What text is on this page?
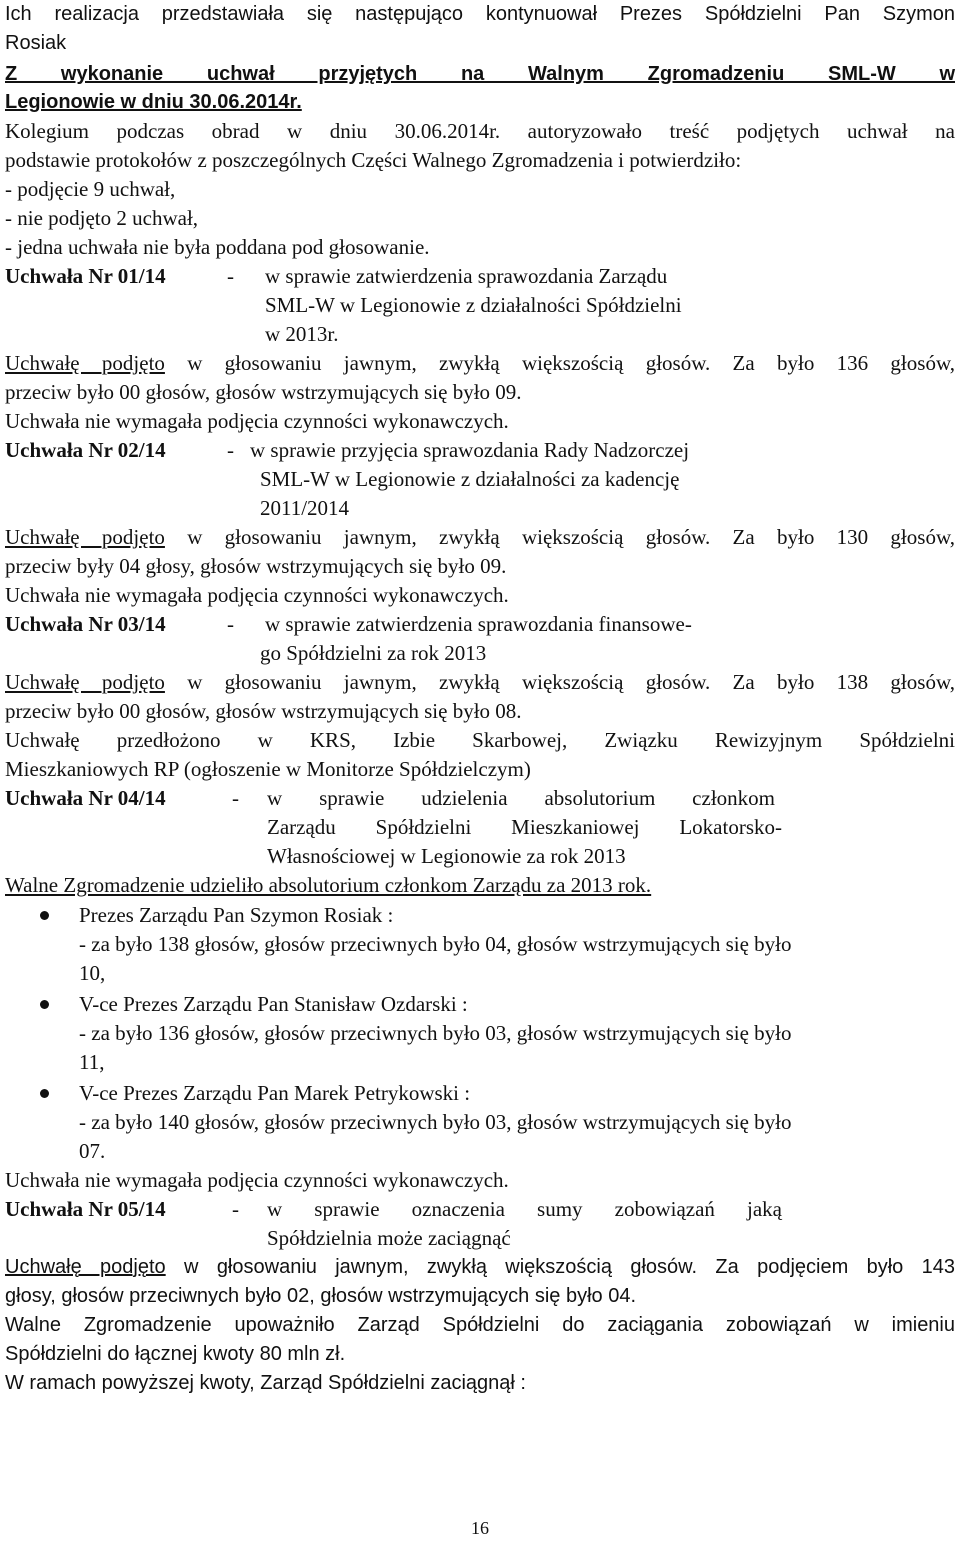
Ich realizacja przedstawiała się następująco kontynuował Prezes Spółdzielni Pan Szymon
Rosiak
Z wykonanie uchwał przyjętych na Walnym Zgromadzeniu SML-W w
Legionowie w dniu 30.06.2014r.
Kolegium podczas obrad w dniu 30.06.2014r. autoryzowało treść podjętych uchwał na
podstawie protokołów z poszczególnych Części Walnego Zgromadzenia i potwierdziło:
- podjęcie 9 uchwał,
- nie podjęto 2 uchwał,
- jedna uchwała nie była poddana pod głosowanie.
Uchwała Nr 01/14	- w sprawie zatwierdzenia sprawozdania Zarządu
SML-W w Legionowie z działalności Spółdzielni
w 2013r.
Uchwałę podjęto w głosowaniu jawnym, zwykłą większością głosów. Za było 136 głosów,
przeciw było 00 głosów, głosów wstrzymujących się było 09.
Uchwała nie wymagała podjęcia czynności wykonawczych.
Uchwała Nr 02/14	- w sprawie przyjęcia sprawozdania Rady Nadzorczej
SML-W w Legionowie z działalności za kadencję
2011/2014
Uchwałę podjęto w głosowaniu jawnym, zwykłą większością głosów. Za było 130 głosów,
przeciw były 04 głosy, głosów wstrzymujących się było 09.
Uchwała nie wymagała podjęcia czynności wykonawczych.
Uchwała Nr 03/14	- w sprawie zatwierdzenia sprawozdania finansowe-
go Spółdzielni za rok 2013
Uchwałę podjęto w głosowaniu jawnym, zwykłą większością głosów. Za było 138 głosów,
przeciw było 00 głosów, głosów wstrzymujących się było 08.
Uchwałę przedłożono w KRS, Izbie Skarbowej, Związku Rewizyjnym Spółdzielni
Mieszkaniowych RP (ogłoszenie w Monitorze Spółdzielczym)
Uchwała Nr 04/14	- w sprawie udzielenia absolutorium członkom
Zarządu Spółdzielni Mieszkaniowej Lokatorsko-
Własnościowej w Legionowie za rok 2013
Walne Zgromadzenie udzieliło absolutorium członkom Zarządu za 2013 rok.
Prezes Zarządu Pan Szymon Rosiak :
- za było 138 głosów, głosów przeciwnych było 04, głosów wstrzymujących się było
10,
V-ce Prezes Zarządu Pan Stanisław Ozdarski :
- za było 136 głosów, głosów przeciwnych było 03, głosów wstrzymujących się było
11,
V-ce Prezes Zarządu Pan Marek Petrykowski :
- za było 140 głosów, głosów przeciwnych było 03, głosów wstrzymujących się było
07.
Uchwała nie wymagała podjęcia czynności wykonawczych.
Uchwała Nr 05/14	- w sprawie oznaczenia sumy zobowiązań jaką
Spółdzielnia może zaciągnąć
Uchwałę podjęto w głosowaniu jawnym, zwykłą większością głosów. Za podjęciem było 143
głosy, głosów przeciwnych było 02, głosów wstrzymujących się było 04.
Walne Zgromadzenie upoważniło Zarząd Spółdzielni do zaciągania zobowiązań w imieniu
Spółdzielni do łącznej kwoty 80 mln zł.
W ramach powyższej kwoty, Zarząd Spółdzielni zaciągnął :
16
